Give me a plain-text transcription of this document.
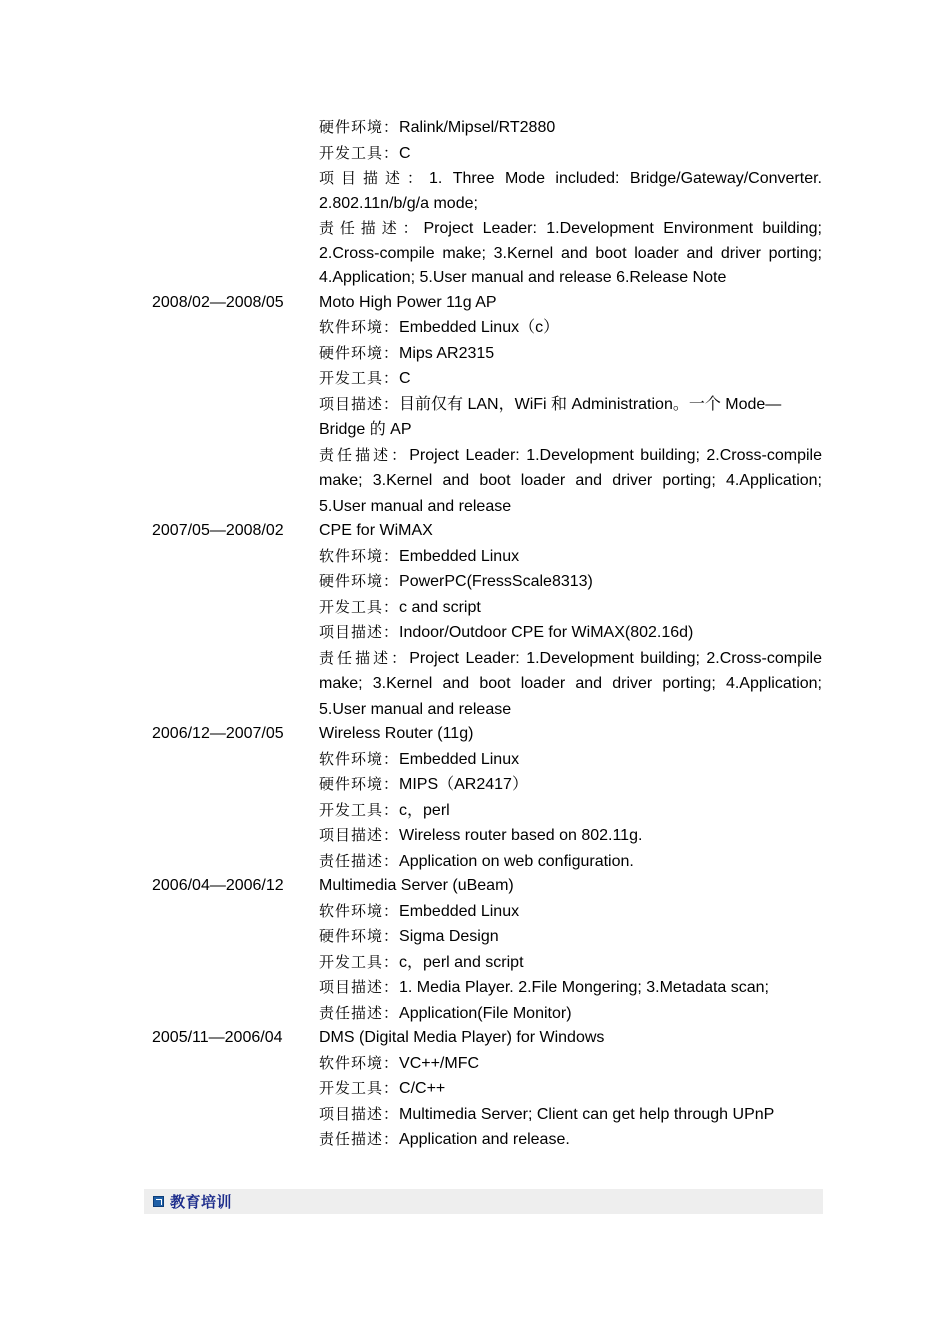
硬件环境：Ralink/Mipsel/RT2880
开发工具：C
项目描述：1. Three Mode included: Bridge/Gateway/Converter. 2.802.11n/b/g/a mode;
责任描述：Project Leader: 1.Development Environment building; 2.Cross-compile make; 3.Kernel and boot loader and driver porting; 4.Application; 5.User manual and release 6.Release Note
2008/02—2008/05	Moto High Power 11g AP
软件环境：Embedded Linux（c）
硬件环境：Mips AR2315
开发工具：C
项目描述：目前仅有 LAN，WiFi 和 Administration。一个 Mode—Bridge 的 AP
责任描述：Project Leader: 1.Development building; 2.Cross-compile make; 3.Kernel and boot loader and driver porting; 4.Application; 5.User manual and release
2007/05—2008/02	CPE for WiMAX
软件环境：Embedded Linux
硬件环境：PowerPC(FressScale8313)
开发工具：c and script
项目描述：Indoor/Outdoor CPE for WiMAX(802.16d)
责任描述：Project Leader: 1.Development building; 2.Cross-compile make; 3.Kernel and boot loader and driver porting; 4.Application; 5.User manual and release
2006/12—2007/05	Wireless Router (11g)
软件环境：Embedded Linux
硬件环境：MIPS（AR2417）
开发工具：c，perl
项目描述：Wireless router based on 802.11g.
责任描述：Application on web configuration.
2006/04—2006/12	Multimedia Server (uBeam)
软件环境：Embedded Linux
硬件环境：Sigma Design
开发工具：c，perl and script
项目描述：1. Media Player. 2.File Mongering; 3.Metadata scan;
责任描述：Application(File Monitor)
2005/11—2006/04	DMS (Digital Media Player) for Windows
软件环境：VC++/MFC
开发工具：C/C++
项目描述：Multimedia Server; Client can get help through UPnP
责任描述：Application and release.
教育培训
